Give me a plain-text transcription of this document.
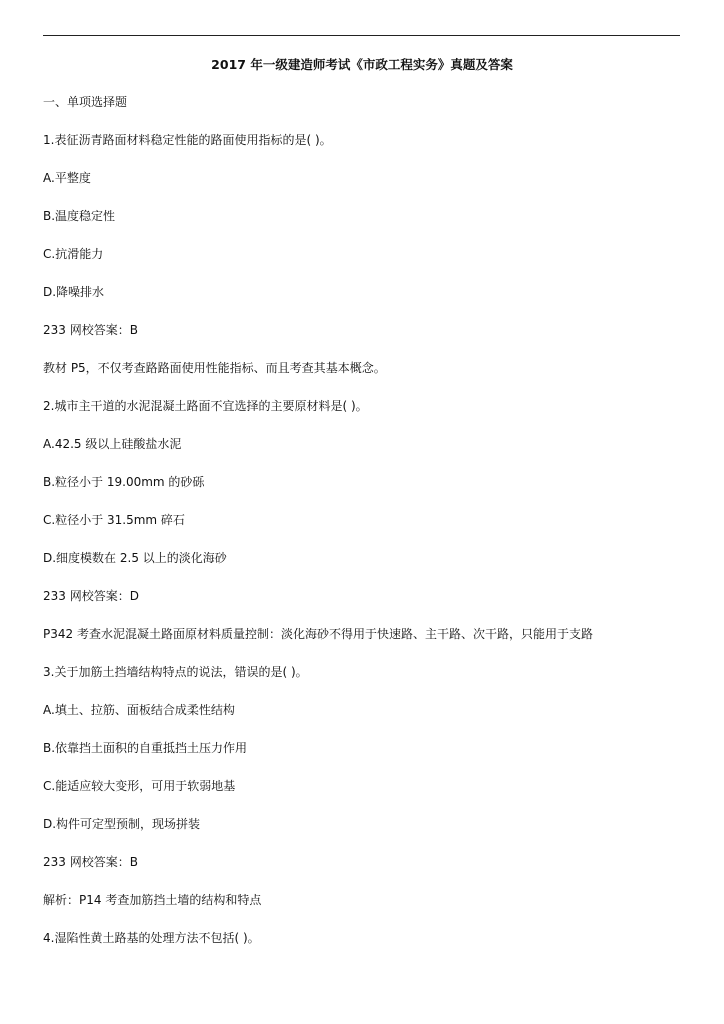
2017 年一级建造师考试《市政工程实务》真题及答案
一、单项选择题
1.表征沥青路面材料稳定性能的路面使用指标的是( )。
A.平整度
B.温度稳定性
C.抗滑能力
D.降噪排水
233 网校答案：B
教材 P5，不仅考查路路面使用性能指标、而且考查其基本概念。
2.城市主干道的水泥混凝土路面不宜选择的主要原材料是( )。
A.42.5 级以上硅酸盐水泥
B.粒径小于 19.00mm 的砂砾
C.粒径小于 31.5mm 碎石
D.细度模数在 2.5 以上的淡化海砂
233 网校答案：D
P342 考查水泥混凝土路面原材料质量控制：淡化海砂不得用于快速路、主干路、次干路，只能用于支路
3.关于加筋土挡墙结构特点的说法，错误的是( )。
A.填土、拉筋、面板结合成柔性结构
B.依靠挡土面积的自重抵挡土压力作用
C.能适应较大变形，可用于软弱地基
D.构件可定型预制，现场拼装
233 网校答案：B
解析：P14 考查加筋挡土墙的结构和特点
4.湿陷性黄土路基的处理方法不包括( )。
